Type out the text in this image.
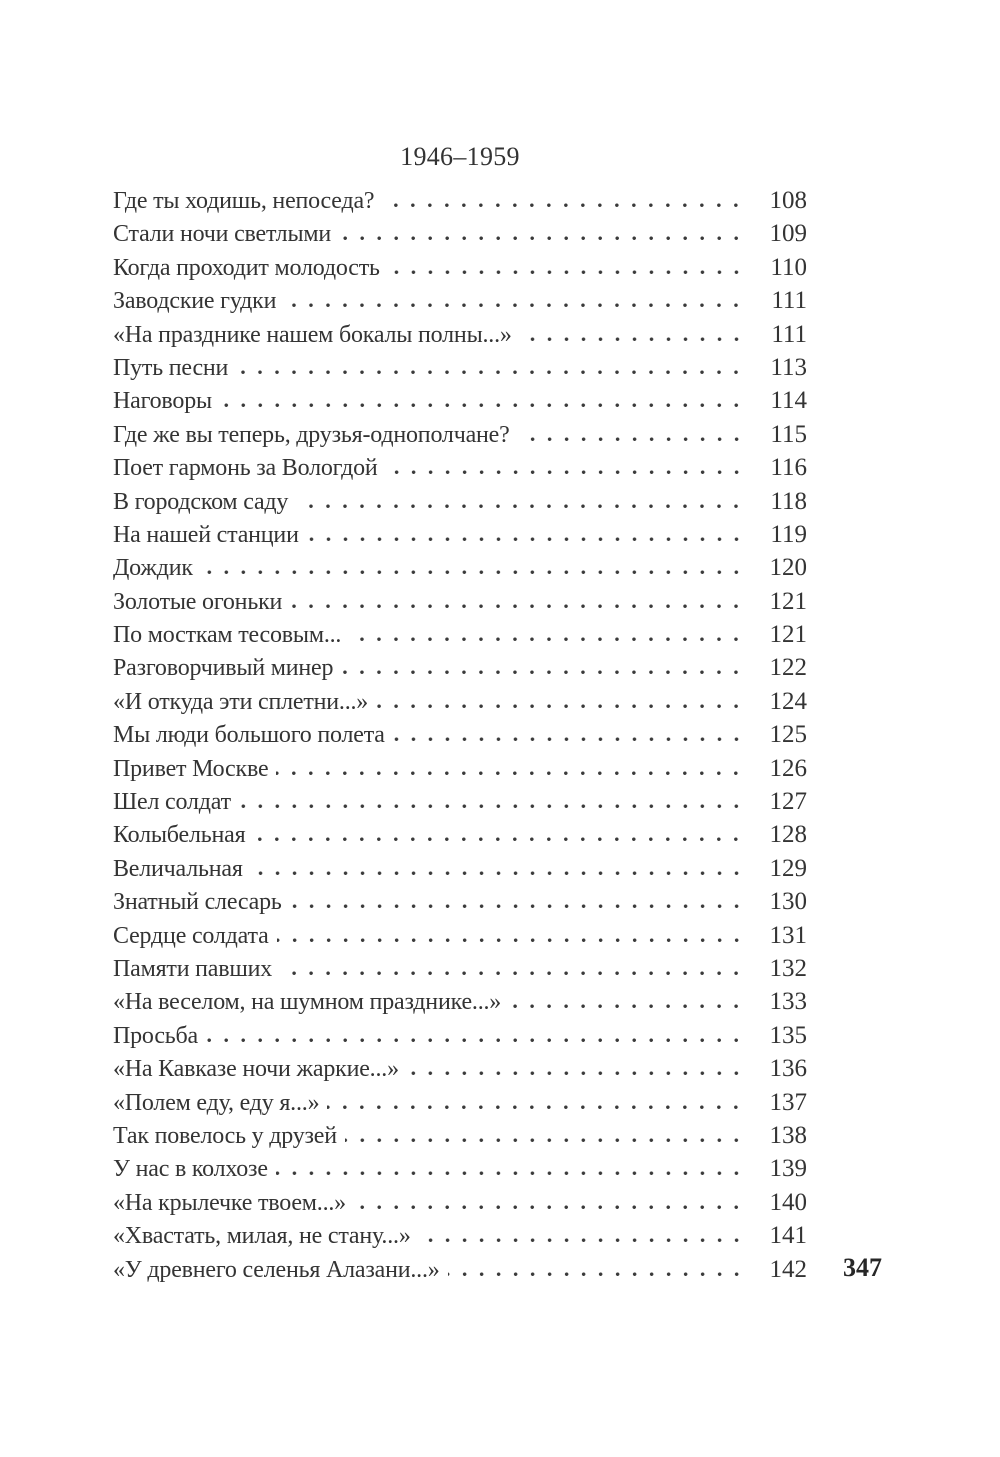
1946–1959
Где ты ходишь, непоседа?	108
Стали ночи светлыми	109
Когда проходит молодость	110
Заводские гудки	111
«На празднике нашем бокалы полны...»	111
Путь песни	113
Наговоры	114
Где же вы теперь, друзья-однополчане?	115
Поет гармонь за Вологдой	116
В городском саду	118
На нашей станции	119
Дождик	120
Золотые огоньки	121
По мосткам тесовым...	121
Разговорчивый минер	122
«И откуда эти сплетни...»	124
Мы люди большого полета	125
Привет Москве	126
Шел солдат	127
Колыбельная	128
Величальная	129
Знатный слесарь	130
Сердце солдата	131
Памяти павших	132
«На веселом, на шумном празднике...»	133
Просьба	135
«На Кавказе ночи жаркие...»	136
«Полем еду, еду я...»	137
Так повелось у друзей	138
У нас в колхозе	139
«На крылечке твоем...»	140
«Хвастать, милая, не стану...»	141
«У древнего селенья Алазани...»	142 347
